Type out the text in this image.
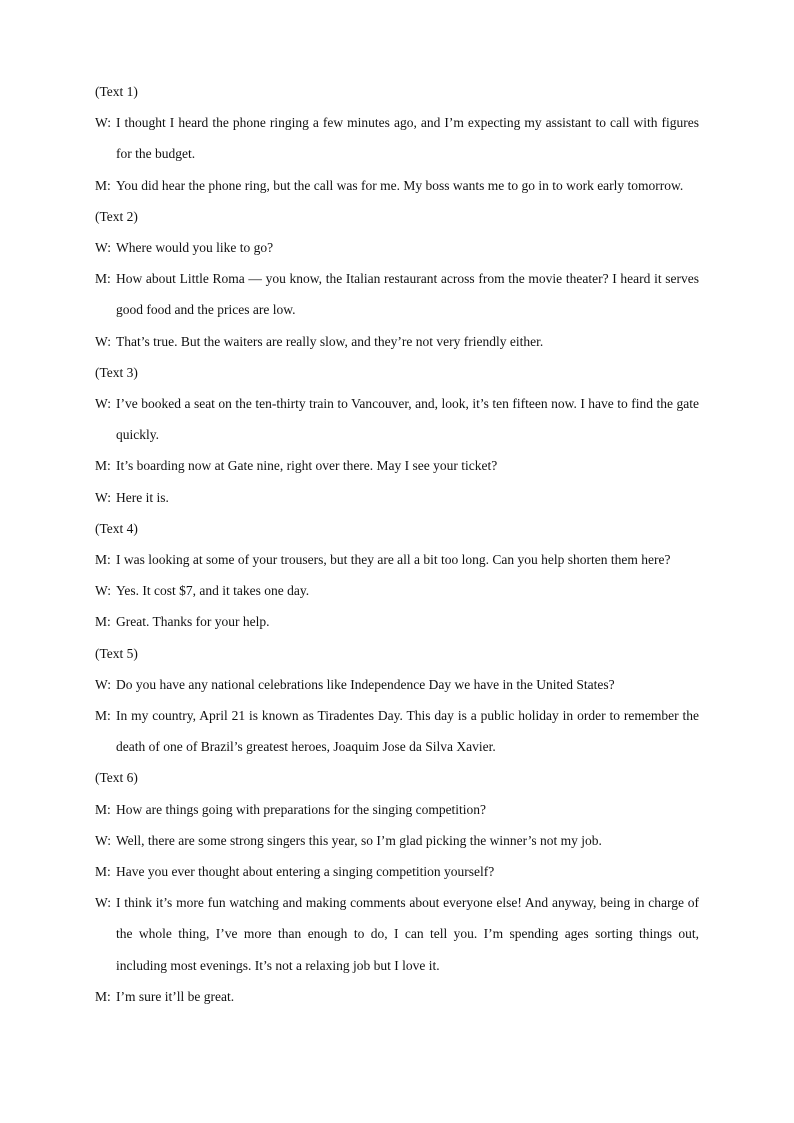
(Text 1)
W: I thought I heard the phone ringing a few minutes ago, and I’m expecting my assistant to call with figures for the budget.
M: You did hear the phone ring, but the call was for me. My boss wants me to go in to work early tomorrow.
(Text 2)
W: Where would you like to go?
M: How about Little Roma — you know, the Italian restaurant across from the movie theater? I heard it serves good food and the prices are low.
W: That’s true. But the waiters are really slow, and they’re not very friendly either.
(Text 3)
W: I’ve booked a seat on the ten-thirty train to Vancouver, and, look, it’s ten fifteen now. I have to find the gate quickly.
M: It’s boarding now at Gate nine, right over there. May I see your ticket?
W: Here it is.
(Text 4)
M: I was looking at some of your trousers, but they are all a bit too long. Can you help shorten them here?
W: Yes. It cost $7, and it takes one day.
M: Great. Thanks for your help.
(Text 5)
W: Do you have any national celebrations like Independence Day we have in the United States?
M: In my country, April 21 is known as Tiradentes Day. This day is a public holiday in order to remember the death of one of Brazil’s greatest heroes, Joaquim Jose da Silva Xavier.
(Text 6)
M: How are things going with preparations for the singing competition?
W: Well, there are some strong singers this year, so I’m glad picking the winner’s not my job.
M: Have you ever thought about entering a singing competition yourself?
W: I think it’s more fun watching and making comments about everyone else! And anyway, being in charge of the whole thing, I’ve more than enough to do, I can tell you. I’m spending ages sorting things out, including most evenings. It’s not a relaxing job but I love it.
M: I’m sure it’ll be great.
